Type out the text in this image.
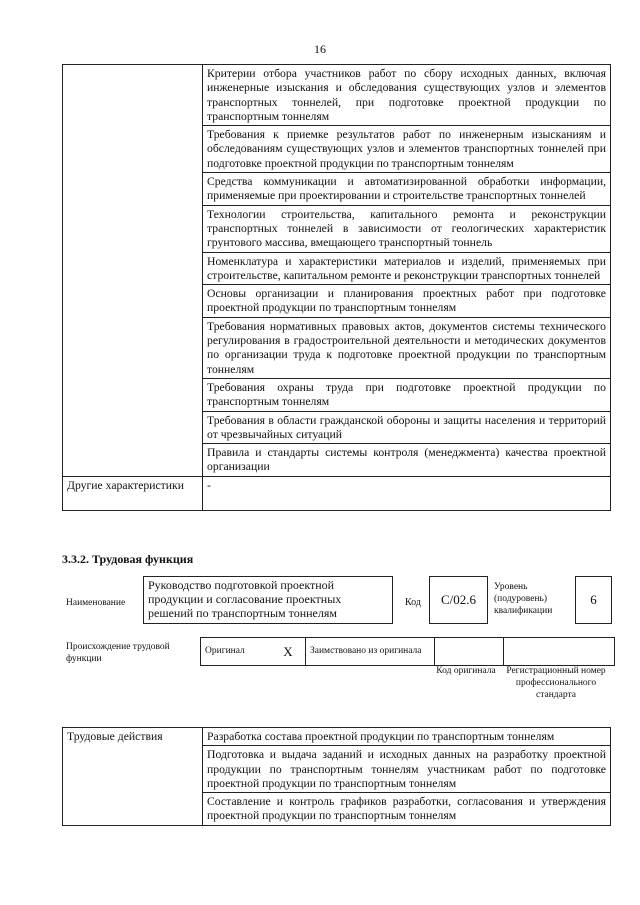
16
	Критерии отбора участников работ по сбору исходных данных, включая инженерные изыскания и обследования существующих узлов и элементов транспортных тоннелей, при подготовке проектной продукции по транспортным тоннелям
	Требования к приемке результатов работ по инженерным изысканиям и обследованиям существующих узлов и элементов транспортных тоннелей при подготовке проектной продукции по транспортным тоннелям
	Средства коммуникации и автоматизированной обработки информации, применяемые при проектировании и строительстве транспортных тоннелей
	Технологии строительства, капитального ремонта и реконструкции транспортных тоннелей в зависимости от геологических характеристик грунтового массива, вмещающего транспортный тоннель
	Номенклатура и характеристики материалов и изделий, применяемых при строительстве, капитальном ремонте и реконструкции транспортных тоннелей
	Основы организации и планирования проектных работ при подготовке проектной продукции по транспортным тоннелям
	Требования нормативных правовых актов, документов системы технического регулирования в градостроительной деятельности и методических документов по организации труда к подготовке проектной продукции по транспортным тоннелям
	Требования охраны труда при подготовке проектной продукции по транспортным тоннелям
	Требования в области гражданской обороны и защиты населения и территорий от чрезвычайных ситуаций
	Правила и стандарты системы контроля (менеджмента) качества проектной организации
Другие характеристики	-
3.3.2. Трудовая функция
Наименование
Руководство подготовкой проектной продукции и согласование проектных решений по транспортным тоннелям
Код	С/02.6
Уровень (подуровень) квалификации
6
Происхождение трудовой функции
Оригинал	X	Заимствовано из оригинала		
Код оригинала	Регистрационный номер профессионального стандарта
Трудовые действия	Разработка состава проектной продукции по транспортным тоннелям
Подготовка и выдача заданий и исходных данных на разработку проектной продукции по транспортным тоннелям участникам работ по подготовке проектной продукции по транспортным тоннелям
Составление и контроль графиков разработки, согласования и утверждения проектной продукции по транспортным тоннелям
